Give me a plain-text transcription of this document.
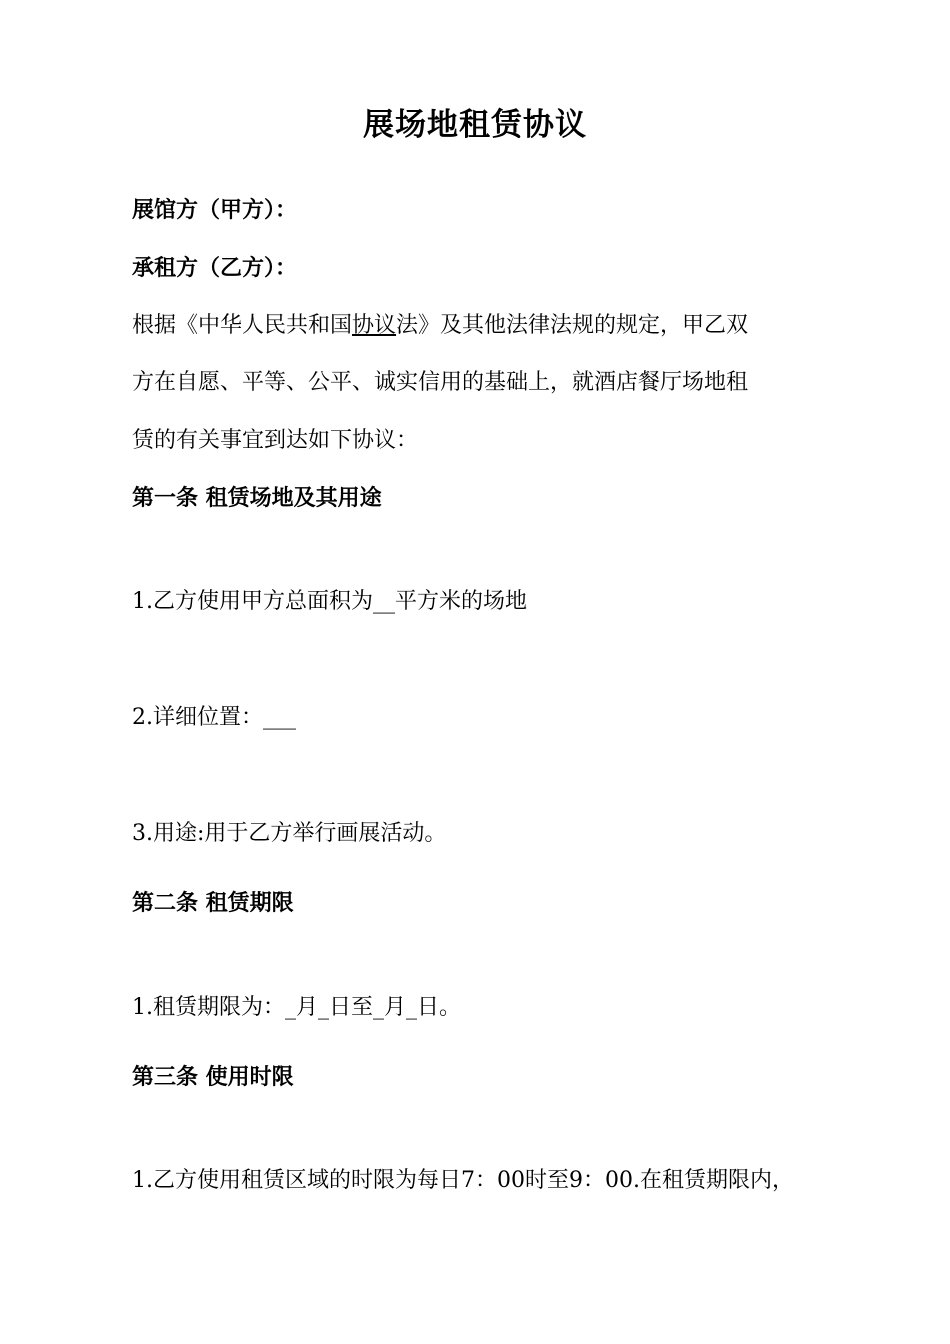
展场地租赁协议
展馆方（甲方）：
承租方（乙方）：
根据《中华人民共和国协议法》及其他法律法规的规定，甲乙双
方在自愿、平等、公平、诚实信用的基础上，就酒店餐厅场地租
赁的有关事宜到达如下协议：
第一条 租赁场地及其用途
1.乙方使用甲方总面积为__平方米的场地
2.详细位置：___
3.用途:用于乙方举行画展活动。
第二条 租赁期限
1.租赁期限为：_月_日至_月_日。
第三条 使用时限
1.乙方使用租赁区域的时限为每日7：00时至9：00.在租赁期限内，
